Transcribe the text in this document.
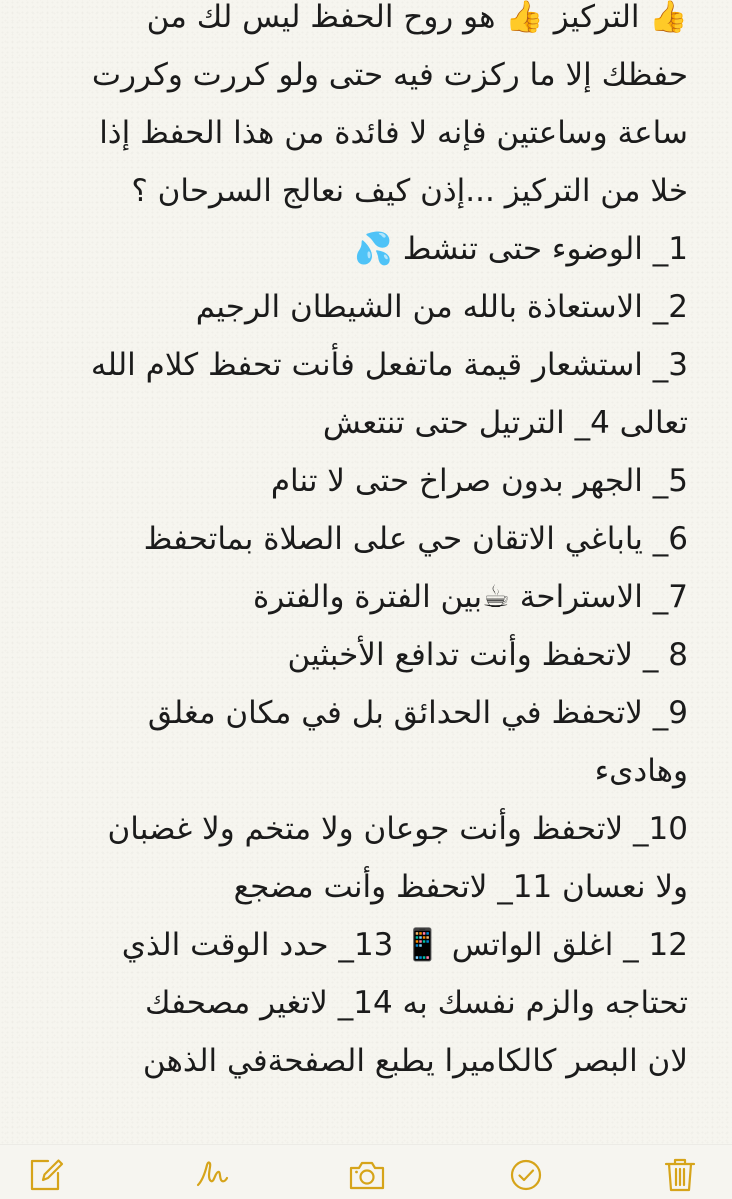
👍 التركيز 👍 هو روح الحفظ ليس لك من
حفظك إلا ما ركزت فيه حتى ولو كررت وكررت
ساعة وساعتين فإنه لا فائدة من هذا الحفظ إذا
خلا من التركيز ...إذن كيف نعالج السرحان ؟
1_ الوضوء حتى تنشط 💦
2_ الاستعاذة بالله من الشيطان الرجيم
3_ استشعار قيمة ماتفعل فأنت تحفظ كلام الله
تعالى 4_ الترتيل حتى تنتعش
5_ الجهر بدون صراخ حتى لا تنام
6_ ياباغي الاتقان حي على الصلاة بماتحفظ
7_ الاستراحة ☕بين الفترة والفترة
8 _ لاتحفظ وأنت تدافع الأخبثين
9_ لاتحفظ في الحدائق بل في مكان مغلق
وهادىء
10_ لاتحفظ وأنت جوعان ولا متخم ولا غضبان
ولا نعسان 11_ لاتحفظ وأنت مضجع
12 _ اغلق الواتس 📱 13_ حدد الوقت الذي
تحتاجه والزم نفسك به 14_ لاتغير مصحفك
لان البصر كالكاميرا يطبع الصفحةفي الذهن
